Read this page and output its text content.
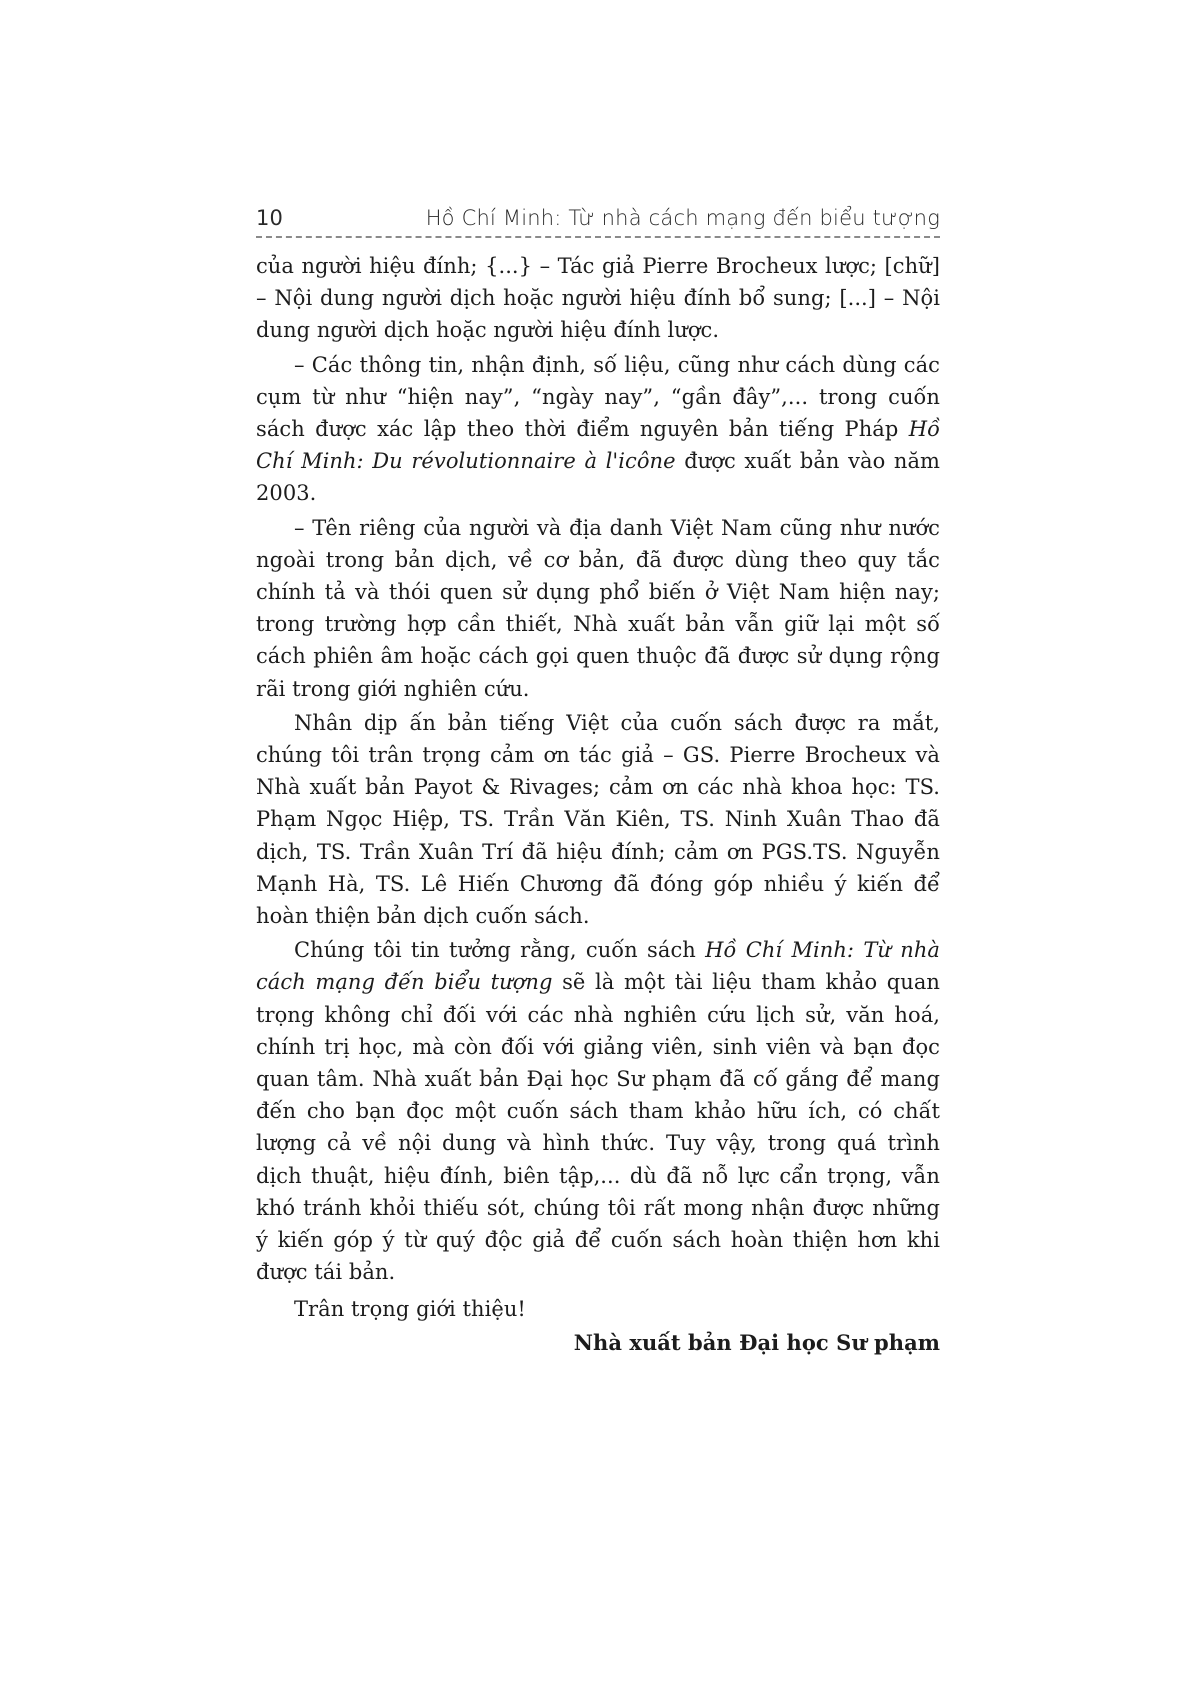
10	Hồ Chí Minh: Từ nhà cách mạng đến biểu tượng

của người hiệu đính; {...} – Tác giả Pierre Brocheux lược; [chữ] – Nội dung người dịch hoặc người hiệu đính bổ sung; [...] – Nội dung người dịch hoặc người hiệu đính lược.

– Các thông tin, nhận định, số liệu, cũng như cách dùng các cụm từ như “hiện nay”, “ngày nay”, “gần đây”,... trong cuốn sách được xác lập theo thời điểm nguyên bản tiếng Pháp Hồ Chí Minh: Du révolutionnaire à l'icône được xuất bản vào năm 2003.

– Tên riêng của người và địa danh Việt Nam cũng như nước ngoài trong bản dịch, về cơ bản, đã được dùng theo quy tắc chính tả và thói quen sử dụng phổ biến ở Việt Nam hiện nay; trong trường hợp cần thiết, Nhà xuất bản vẫn giữ lại một số cách phiên âm hoặc cách gọi quen thuộc đã được sử dụng rộng rãi trong giới nghiên cứu.

Nhân dịp ấn bản tiếng Việt của cuốn sách được ra mắt, chúng tôi trân trọng cảm ơn tác giả – GS. Pierre Brocheux và Nhà xuất bản Payot & Rivages; cảm ơn các nhà khoa học: TS. Phạm Ngọc Hiệp, TS. Trần Văn Kiên, TS. Ninh Xuân Thao đã dịch, TS. Trần Xuân Trí đã hiệu đính; cảm ơn PGS.TS. Nguyễn Mạnh Hà, TS. Lê Hiến Chương đã đóng góp nhiều ý kiến để hoàn thiện bản dịch cuốn sách.

Chúng tôi tin tưởng rằng, cuốn sách Hồ Chí Minh: Từ nhà cách mạng đến biểu tượng sẽ là một tài liệu tham khảo quan trọng không chỉ đối với các nhà nghiên cứu lịch sử, văn hoá, chính trị học, mà còn đối với giảng viên, sinh viên và bạn đọc quan tâm. Nhà xuất bản Đại học Sư phạm đã cố gắng để mang đến cho bạn đọc một cuốn sách tham khảo hữu ích, có chất lượng cả về nội dung và hình thức. Tuy vậy, trong quá trình dịch thuật, hiệu đính, biên tập,... dù đã nỗ lực cẩn trọng, vẫn khó tránh khỏi thiếu sót, chúng tôi rất mong nhận được những ý kiến góp ý từ quý độc giả để cuốn sách hoàn thiện hơn khi được tái bản.

Trân trọng giới thiệu!

Nhà xuất bản Đại học Sư phạm
